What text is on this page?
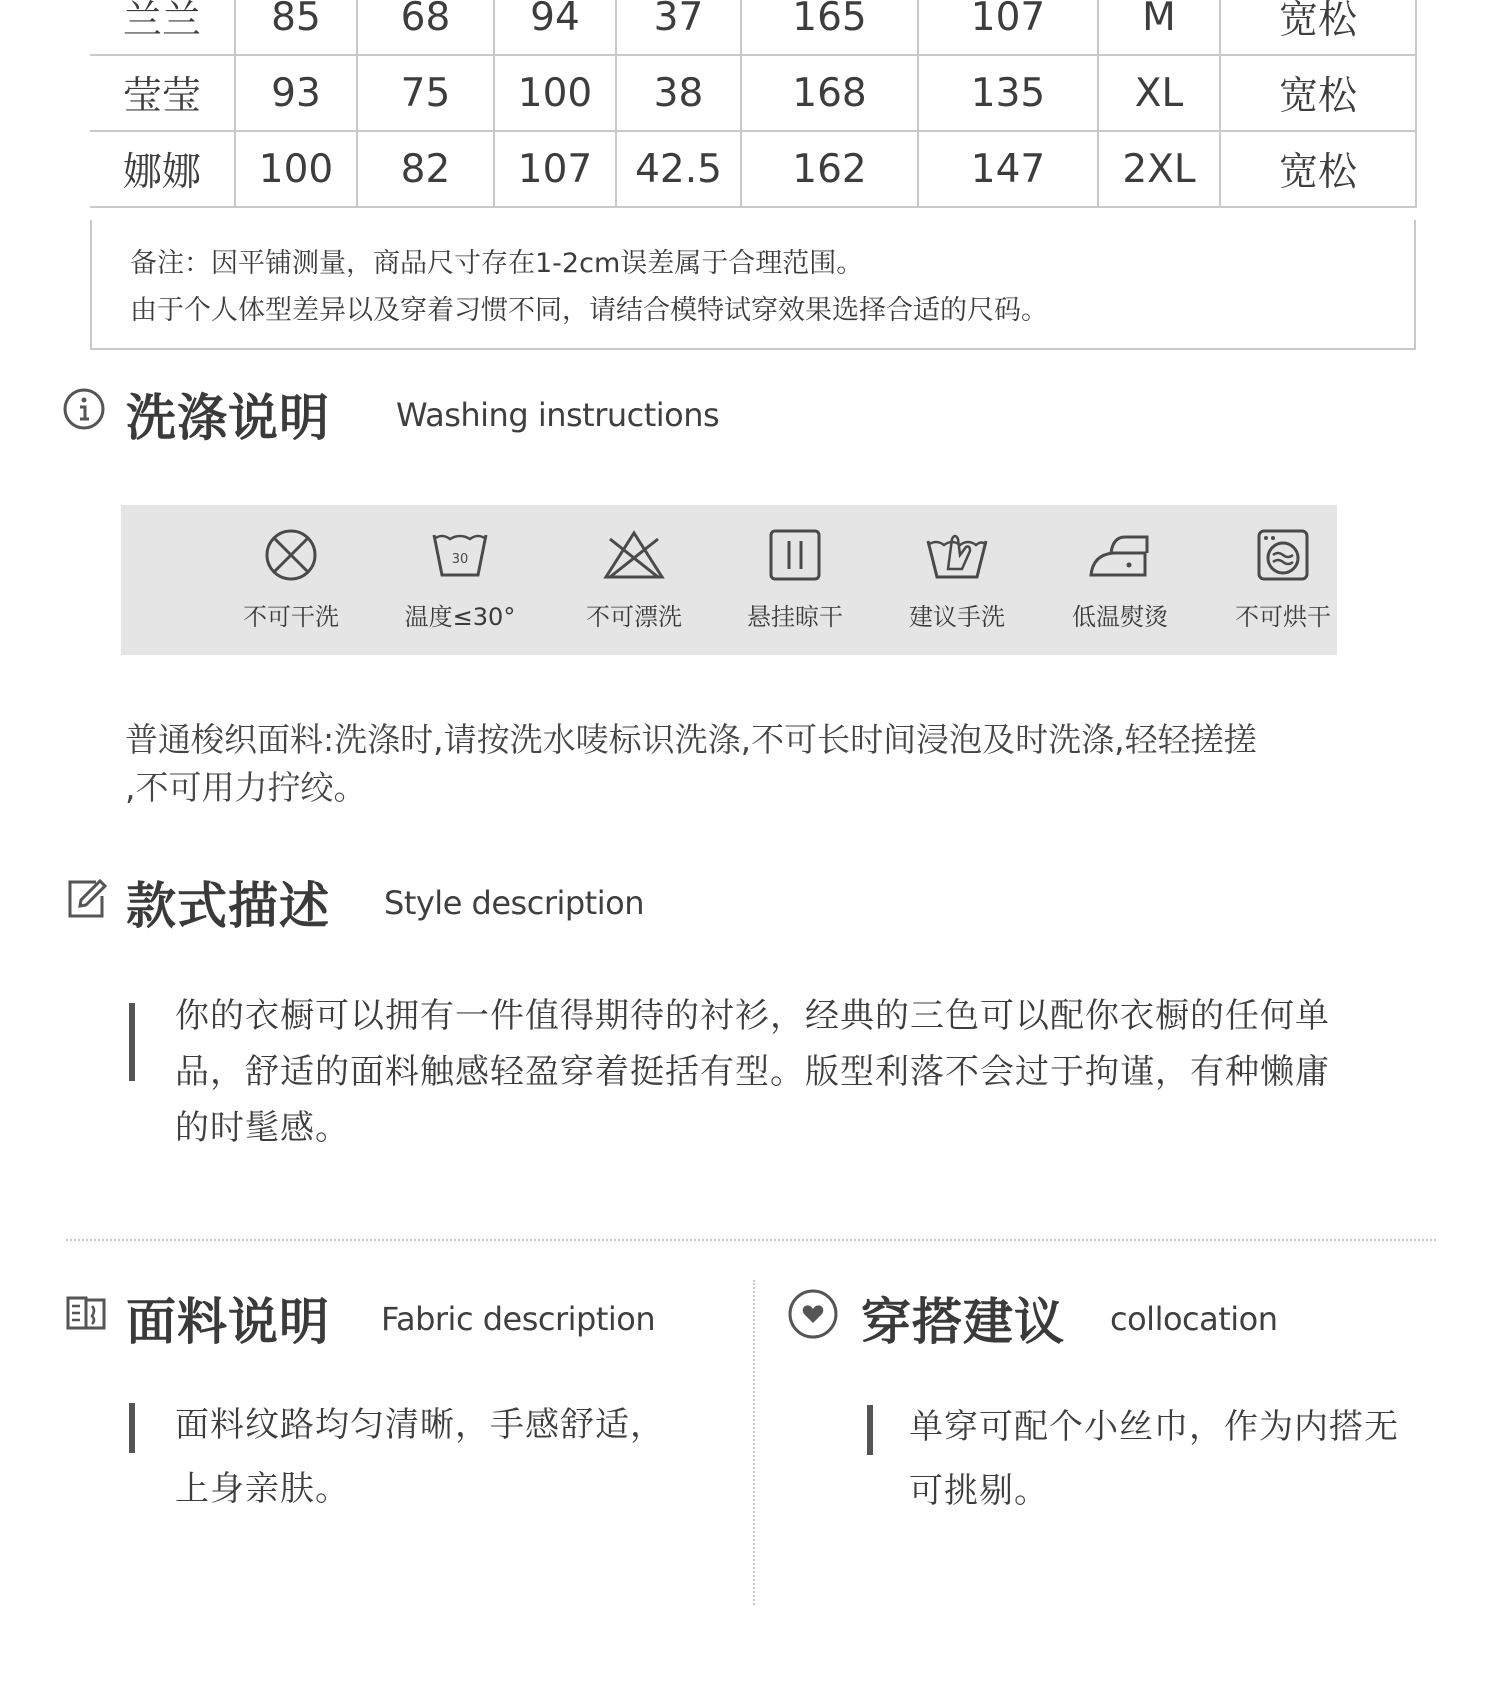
兰兰	85	68	94	37	165	107	M	宽松
莹莹	93	75	100	38	168	135	XL	宽松
娜娜	100	82	107	42.5	162	147	2XL	宽松
备注：因平铺测量，商品尺寸存在1-2cm误差属于合理范围。
由于个人体型差异以及穿着习惯不同，请结合模特试穿效果选择合适的尺码。
洗涤说明 Washing instructions
不可干洗
30
温度≤30°	不可漂洗	悬挂晾干	建议手洗	低温熨烫	不可烘干
普通梭织面料:洗涤时,请按洗水唛标识洗涤,不可长时间浸泡及时洗涤,轻轻搓搓
,不可用力拧绞。
款式描述 Style description
你的衣橱可以拥有一件值得期待的衬衫，经典的三色可以配你衣橱的任何单
品，舒适的面料触感轻盈穿着挺括有型。版型利落不会过于拘谨，有种懒庸
的时髦感。
面料说明 Fabric description
面料纹路均匀清晰，手感舒适，
上身亲肤。
穿搭建议 collocation
单穿可配个小丝巾，作为内搭无
可挑剔。
